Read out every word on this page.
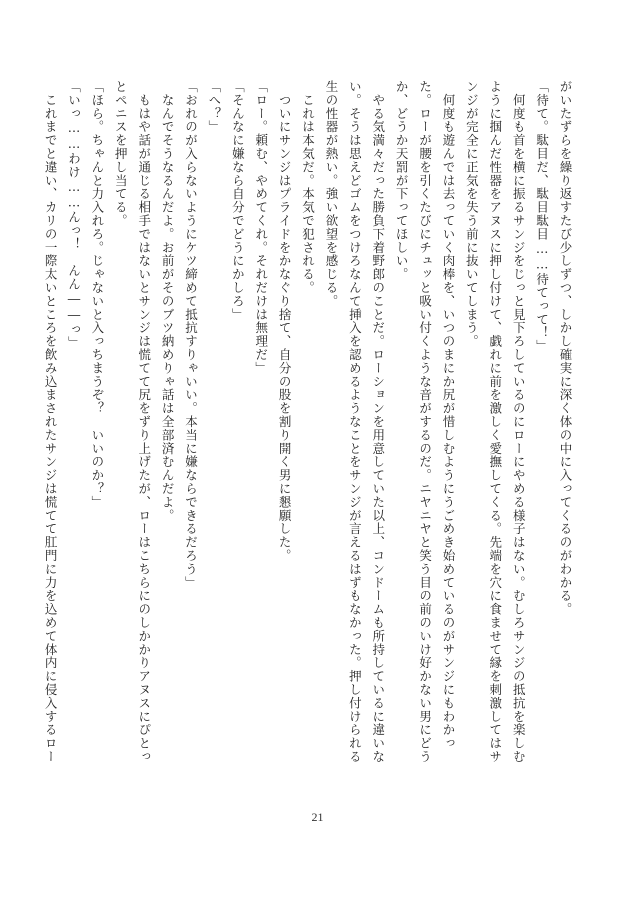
がいたずらを繰り返すたび少しずつ、しかし確実に深く体の中に入ってくるのがわかる。
「待て。駄目だ、駄目駄目……待てって！」
　何度も首を横に振るサンジをじっと見下ろしているのにローにやめる様子はない。むしろサンジの抵抗を楽しむ
ように掴んだ性器をアヌスに押し付けて、戯れに前を激しく愛撫してくる。先端を穴に食ませて縁を刺激してはサ
ンジが完全に正気を失う前に抜いてしまう。
　何度も遊んでは去っていく肉棒を、いつのまにか尻が惜しむようにうごめき始めているのがサンジにもわかっ
た。ローが腰を引くたびにチュッと吸い付くような音がするのだ。ニヤニヤと笑う目の前のいけ好かない男にどう
か、どうか天罰が下ってほしい。
　やる気満々だった勝負下着野郎のことだ。ローションを用意していた以上、コンドームも所持しているに違いな
い。そうは思えどゴムをつけろなんて挿入を認めるようなことをサンジが言えるはずもなかった。押し付けられる
生の性器が熱い。強い欲望を感じる。
　これは本気だ。本気で犯される。
　ついにサンジはプライドをかなぐり捨て、自分の股を割り開く男に懇願した。
「ロー。頼む、やめてくれ。それだけは無理だ」
「そんなに嫌なら自分でどうにかしろ」
「へ？」
「おれのが入らないようにケツ締めて抵抗すりゃいい。本当に嫌ならできるだろう」
　なんでそうなるんだよ。お前がそのブツ納めりゃ話は全部済むんだよ。
　もはや話が通じる相手ではないとサンジは慌てて尻をずり上げたが、ローはこちらにのしかかりアヌスにぴとっ
とペニスを押し当てる。
「ほら。ちゃんと力入れろ。じゃないと入っちまうぞ？　いいのか？」
「いっ……わけ……んっ！　んん――っ」
　これまでと違い、カリの一際太いところを飲み込まされたサンジは慌てて肛門に力を込めて体内に侵入するロー
21
